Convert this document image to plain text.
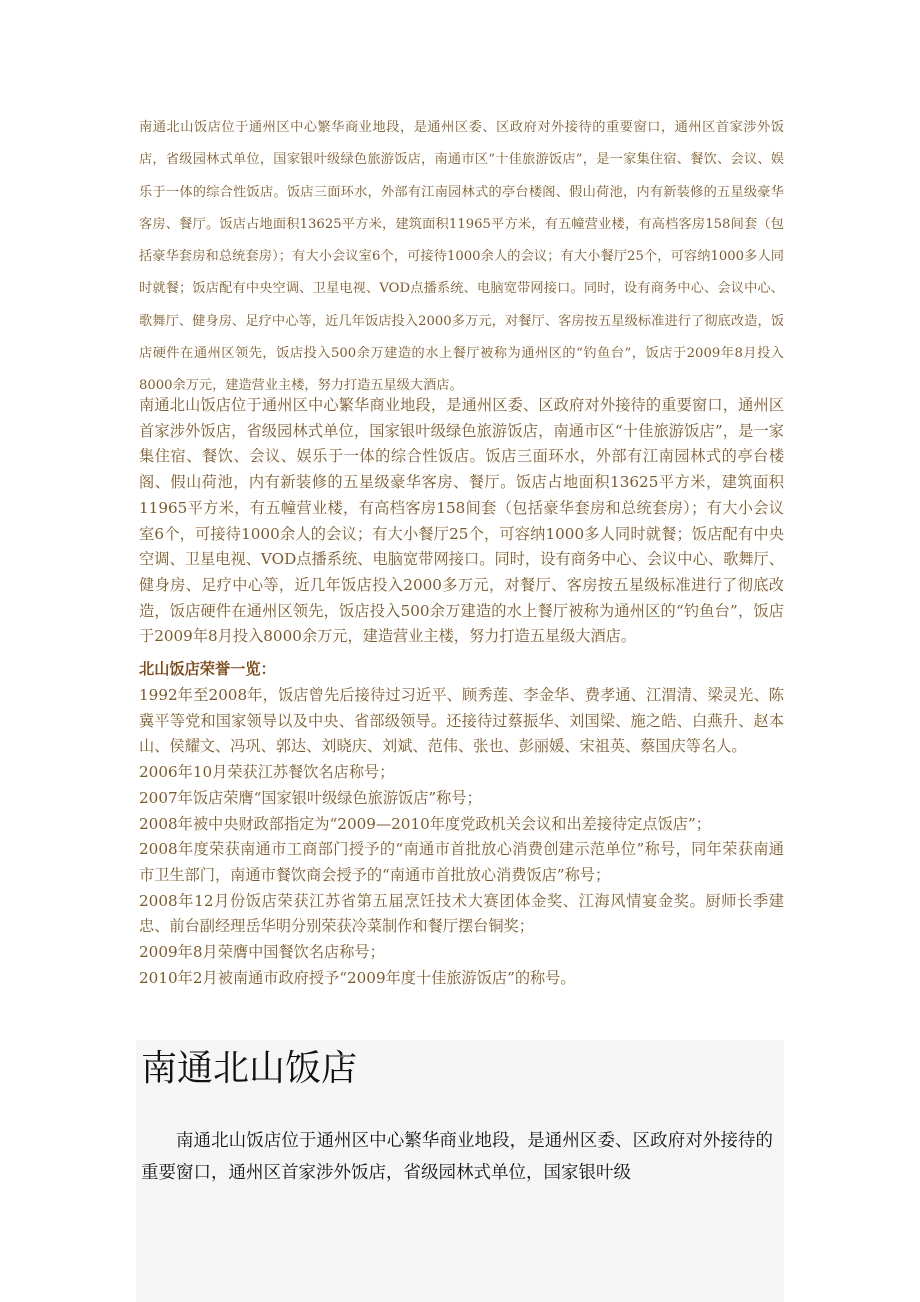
南通北山饭店位于通州区中心繁华商业地段，是通州区委、区政府对外接待的重要窗口，通州区首家涉外饭店，省级园林式单位，国家银叶级绿色旅游饭店，南通市区“十佳旅游饭店”，是一家集住宿、餐饮、会议、娱乐于一体的综合性饭店。饭店三面环水，外部有江南园林式的亭台楼阁、假山荷池，内有新装修的五星级豪华客房、餐厅。饭店占地面积13625平方米，建筑面积11965平方米，有五幢营业楼，有高档客房158间套（包括豪华套房和总统套房）；有大小会议室6个，可接待1000余人的会议；有大小餐厅25个，可容纳1000多人同时就餐；饭店配有中央空调、卫星电视、VOD点播系统、电脑宽带网接口。同时，设有商务中心、会议中心、歌舞厅、健身房、足疗中心等，近几年饭店投入2000多万元，对餐厅、客房按五星级标准进行了彻底改造，饭店硬件在通州区领先，饭店投入500余万建造的水上餐厅被称为通州区的“钓鱼台”，饭店于2009年8月投入8000余万元，建造营业主楼，努力打造五星级大酒店。

南通北山饭店位于通州区中心繁华商业地段，是通州区委、区政府对外接待的重要窗口，通州区首家涉外饭店，省级园林式单位，国家银叶级绿色旅游饭店，南通市区“十佳旅游饭店”，是一家集住宿、餐饮、会议、娱乐于一体的综合性饭店。饭店三面环水，外部有江南园林式的亭台楼阁、假山荷池，内有新装修的五星级豪华客房、餐厅。饭店占地面积13625平方米，建筑面积11965平方米，有五幢营业楼，有高档客房158间套（包括豪华套房和总统套房）；有大小会议室6个，可接待1000余人的会议；有大小餐厅25个，可容纳1000多人同时就餐；饭店配有中央空调、卫星电视、VOD点播系统、电脑宽带网接口。同时，设有商务中心、会议中心、歌舞厅、健身房、足疗中心等，近几年饭店投入2000多万元，对餐厅、客房按五星级标准进行了彻底改造，饭店硬件在通州区领先，饭店投入500余万建造的水上餐厅被称为通州区的“钓鱼台”，饭店于2009年8月投入8000余万元，建造营业主楼，努力打造五星级大酒店。

北山饭店荣誉一览：

1992年至2008年，饭店曾先后接待过习近平、顾秀莲、李金华、费孝通、江渭清、梁灵光、陈冀平等党和国家领导以及中央、省部级领导。还接待过蔡振华、刘国梁、施之皓、白燕升、赵本山、侯耀文、冯巩、郭达、刘晓庆、刘斌、范伟、张也、彭丽媛、宋祖英、蔡国庆等名人。
2006年10月荣获江苏餐饮名店称号；
2007年饭店荣膺“国家银叶级绿色旅游饭店”称号；
2008年被中央财政部指定为“2009—2010年度党政机关会议和出差接待定点饭店”；
2008年度荣获南通市工商部门授予的“南通市首批放心消费创建示范单位”称号，同年荣获南通市卫生部门，南通市餐饮商会授予的“南通市首批放心消费饭店”称号；
2008年12月份饭店荣获江苏省第五届烹饪技术大赛团体金奖、江海风情宴金奖。厨师长季建忠、前台副经理岳华明分别荣获冷菜制作和餐厅摆台铜奖；
2009年8月荣膺中国餐饮名店称号；
2010年2月被南通市政府授予“2009年度十佳旅游饭店”的称号。
南通北山饭店

南通北山饭店位于通州区中心繁华商业地段，是通州区委、区政府对外接待的重要窗口，通州区首家涉外饭店，省级园林式单位，国家银叶级
